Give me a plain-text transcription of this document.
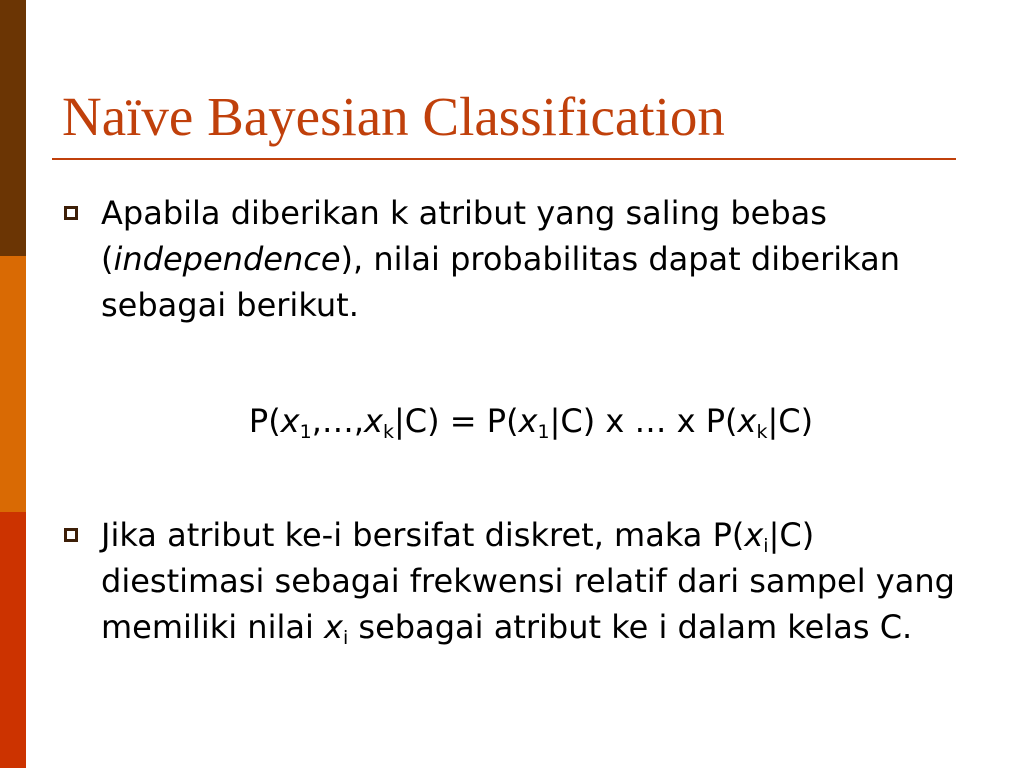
Naïve Bayesian Classification

Apabila diberikan k atribut yang saling bebas (independence), nilai probabilitas dapat diberikan sebagai berikut.

$P(x_1,\dots,x_k|C) = P(x_1|C)$ x … x $P(x_k|C)$

Jika atribut ke-i bersifat diskret, maka $P(x_i|C)$ diestimasi sebagai frekwensi relatif dari sampel yang memiliki nilai $x_i$ sebagai atribut ke i dalam kelas C.
